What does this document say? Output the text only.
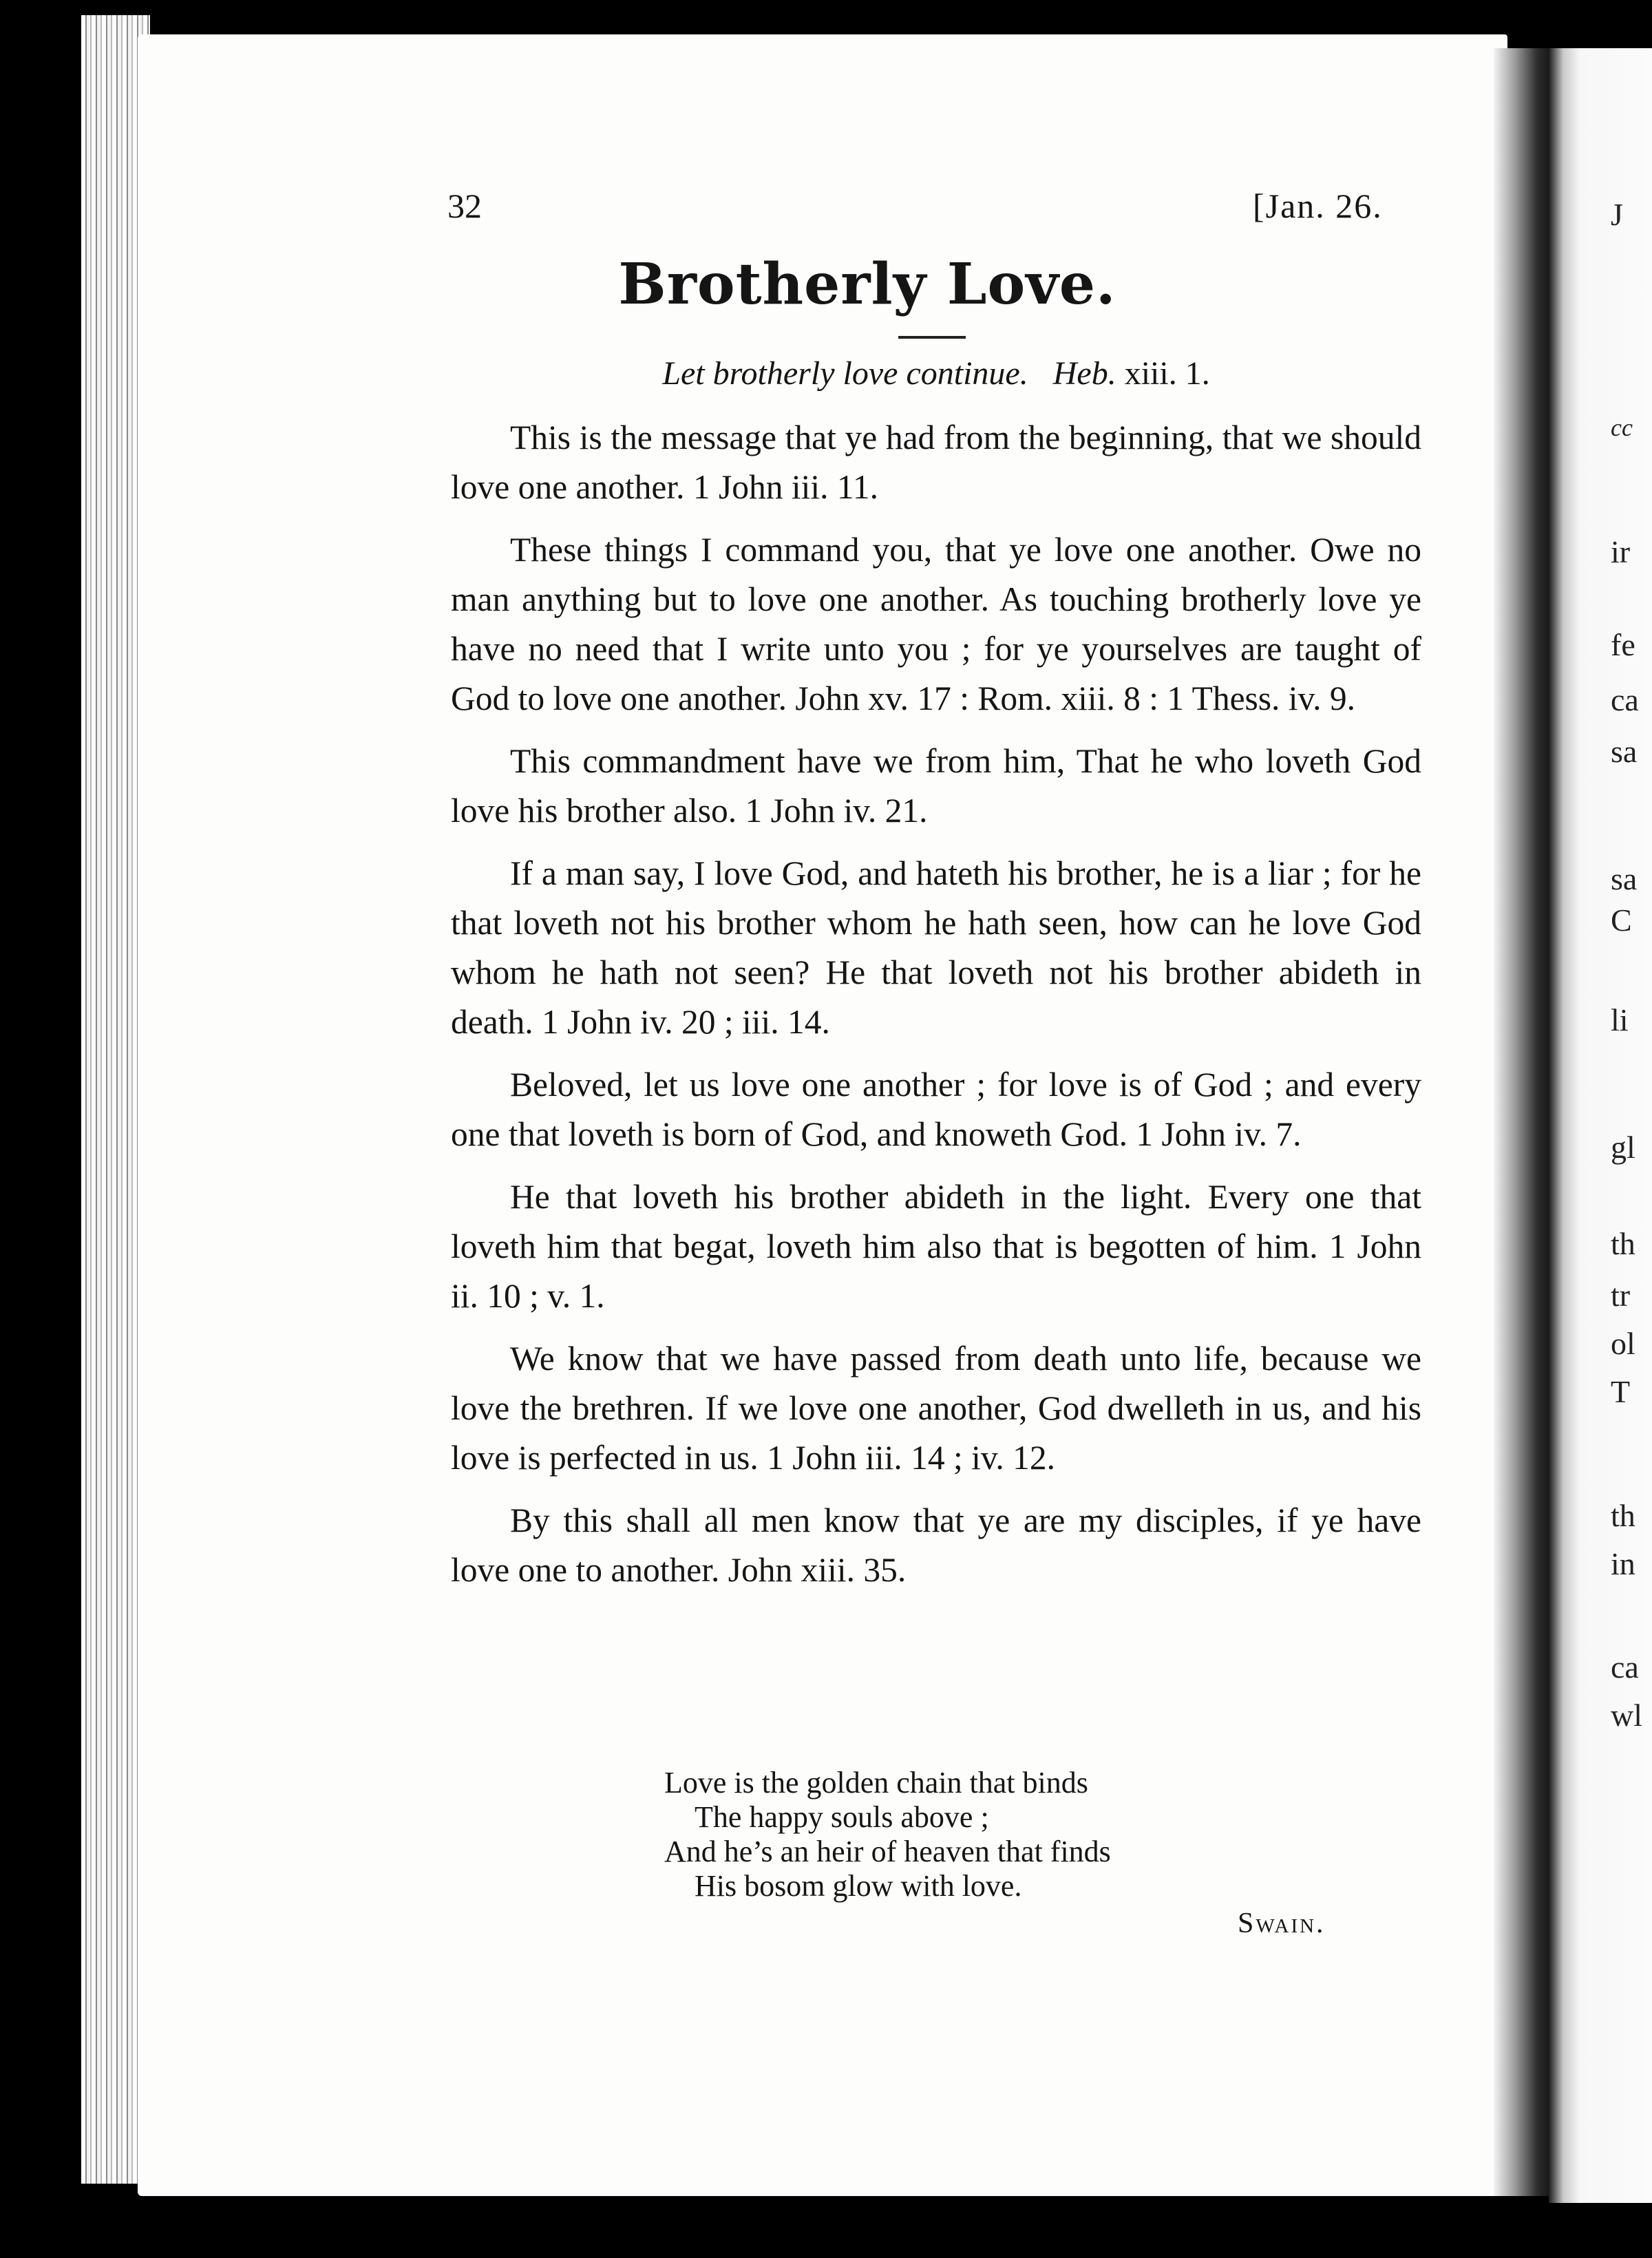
J
cc
ir
fe
ca
sa
sa
C
li
gl
th
tr
ol
T
th
in
ca
wl
32	[Jan. 26.
Brotherly Love.
Let brotherly love continue. Heb. xiii. 1.

This is the message that ye had from the beginning, that we should love one another. 1 John iii. 11.

These things I command you, that ye love one another. Owe no man anything but to love one another. As touching brotherly love ye have no need that I write unto you ; for ye yourselves are taught of God to love one another. John xv. 17 : Rom. xiii. 8 : 1 Thess. iv. 9.

This commandment have we from him, That he who loveth God love his brother also. 1 John iv. 21.

If a man say, I love God, and hateth his brother, he is a liar ; for he that loveth not his brother whom he hath seen, how can he love God whom he hath not seen? He that loveth not his brother abideth in death. 1 John iv. 20 ; iii. 14.

Beloved, let us love one another ; for love is of God ; and every one that loveth is born of God, and knoweth God. 1 John iv. 7.

He that loveth his brother abideth in the light. Every one that loveth him that begat, loveth him also that is begotten of him. 1 John ii. 10 ; v. 1.

We know that we have passed from death unto life, because we love the brethren. If we love one another, God dwelleth in us, and his love is perfected in us. 1 John iii. 14 ; iv. 12.

By this shall all men know that ye are my disciples, if ye have love one to another. John xiii. 35.

Love is the golden chain that binds
The happy souls above ;
And he’s an heir of heaven that finds
His bosom glow with love.
Swain.
